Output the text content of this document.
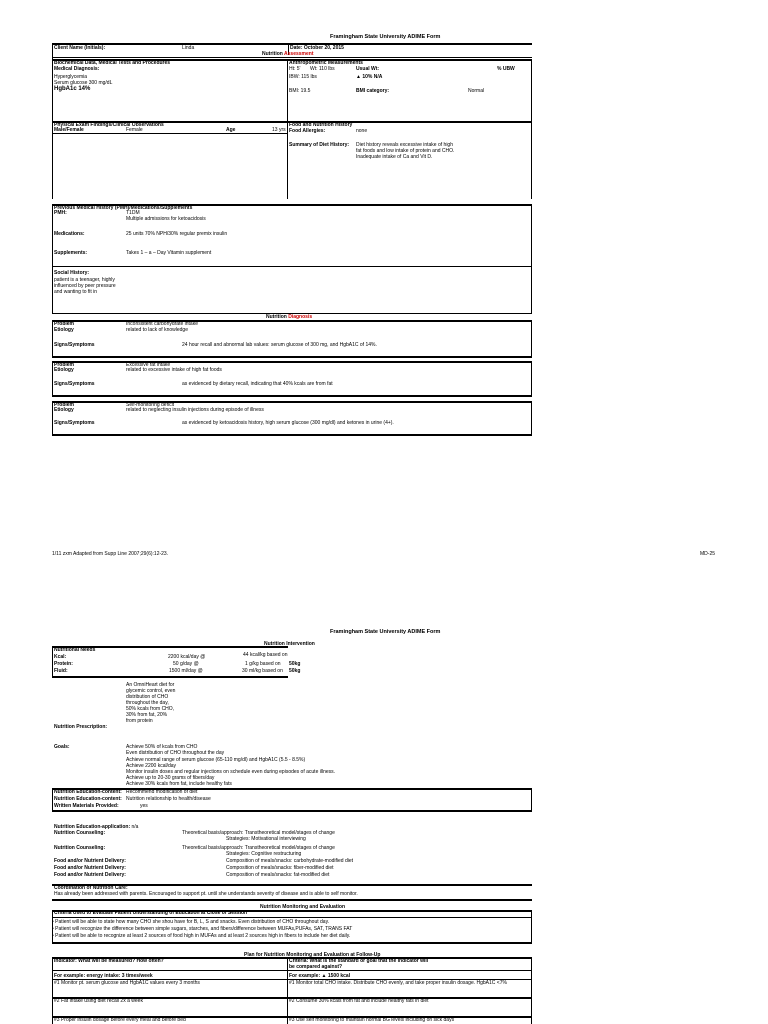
Framingham State University ADIME Form
Client Name (Initials):	Linda	Date: October 20, 2015
Nutrition Assessment
Biochemical Data, Medical Tests and Procedures
Medical Diagnosis:
Hyperglycemia
Serum glucose 300 mg/dL
HgbA1c 14%
Anthropometric Measurements
Ht: 5' Wt: 110 lbs	Usual Wt:	% UBW
IBW: 115 lbs	▲ 10% N/A
BMI: 19.5	BMI category:	Normal
Physical Exam Findings/Clinical Observations
Male/Female	Female	Age	13 yrs
Food and Nutrition History
Food Allergies:	none
Summary of Diet History: Diet history reveals excessive intake of high
fat foods and low intake of protein and CHO.
Inadequate intake of Ca and Vit D.
Previous Medical History (PMH)/Medications/Supplements
PMH:	T1DM
Multiple admissions for ketoacidosis
Medications:	25 units 70% NPH/30% regular premix insulin
Supplements:	Takes 1 – a – Day Vitamin supplement
Social History:
patient is a teenager, highly
influenced by peer pressure
and wanting to fit in
Nutrition Diagnosis
Problem	Inconsistent carbohydrate intake
Etiology	related to lack of knowledge
Signs/Symptoms	24 hour recall and abnormal lab values: serum glucose of 300 mg, and HgbA1C of 14%.
Problem	Excessive fat intake
Etiology	related to excessive intake of high fat foods
Signs/Symptoms	as evidenced by dietary recall, indicating that 40% kcals are from fat
Problem	Self-monitoring deficit
Etiology	related to neglecting insulin injections during episode of illness
Signs/Symptoms	as evidenced by ketoacidosis history, high serum glucose (300 mg/dl) and ketones in urine (4+).
1/11 zxm Adapted from Supp Line 2007;29(6):12-23.	MD-25
Framingham State University ADIME Form
Nutrition Intervention
Nutritional Needs
Kcal:	2200 kcal/day @	44 kcal/kg based on
Protein:	50 g/day @	1 g/kg based on 50kg
Fluid:	1500 ml/day @	30 ml/kg based on 50kg
An OmniHeart diet for
glycemic control, even
distribution of CHO
throughout the day,
50% kcals from CHO,
30% from fat, 20%
from protein
Nutrition Prescription:
Goals:	Achieve 50% of kcals from CHO
Even distribution of CHO throughout the day
Achieve normal range of serum glucose (65-110 mg/dl) and HgbA1C (5.5 - 8.5%)
Achieve 2200 kcal/day
Monitor insulin doses and regular injections on schedule even during episodes of acute illness.
Achieve up to 20-30 grams of fibers/day
Achieve 30% kcals from fat, include healthy fats
Nutrition Education-content: Recommend modification of diet
Nutrition Education-content: Nutrition relationship to health/disease
Written Materials Provided:	yes
Nutrition Education-application: n/a
Nutrition Counseling:	Theoretical basis/approach: Transtheoretical model/stages of change
Strategies: Motivational interviewing
Nutrition Counseling:	Theoretical basis/approach: Transtheoretical model/stages of change
Strategies: Cognitive restructuring
Food and/or Nutrient Delivery:	Composition of meals/snacks: carbohydrate-modified diet
Food and/or Nutrient Delivery:	Composition of meals/snacks: fiber-modified diet
Food and/or Nutrient Delivery:	Composition of meals/snacks: fat-modified diet
Coordination of Nutrition Care:
Has already been addressed with parents. Encouraged to support pt. until she understands severity of disease and is able to self monitor.
Nutrition Monitoring and Evaluation
Criteria Used to Evaluate Patient Understanding of Education at Close of Session
• Patient will be able to state how many CHO she shou have for B, L, S and snacks. Even distribution of CHO throughout day.
• Patient will recognize the difference between simple sugars, starches, and fibers/difference between MUFAs,PUFAs, SAT, TRANS FAT
• Patient will be able to recognize at least 2 sources of food high in MUFAs and at least 2 sources high in fibers to include her diet daily.
Plan for Nutrition Monitoring and Evaluation at Follow-Up
Indicator: What will be measured? How often?	Criteria: What is the standard or goal that the indicator will be compared against?
For example: energy intake: 3 times/week	For example: ▲ 1500 kcal
#1 Monitor pt. serum glucose and HgbA1C values every 3 months	#1 Monitor total CHO intake. Distribute CHO evenly, and take proper insulin dosage. HgbA1C <7%
#2 Fat intake using diet recall 2x a week	#2 Consume 30% kcals from fat and include healthy fats in diet
#3 Proper insulin dosage before every meal and before bed	#3 Use self monitoring to maintain normal BG levels including on sick days
